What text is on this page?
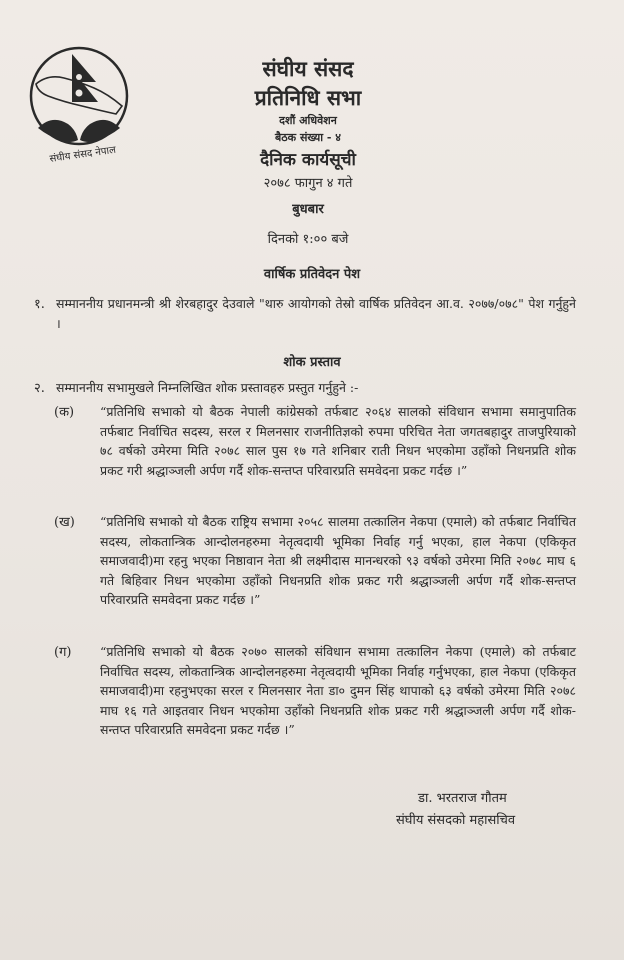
संघीय संसद नेपाल
संघीय संसद
प्रतिनिधि सभा
दशौं अधिवेशन
बैठक संख्या - ४
दैनिक कार्यसूची
२०७८ फागुन ४ गते
बुधबार
दिनको १:०० बजे
वार्षिक प्रतिवेदन पेश
१. सम्माननीय प्रधानमन्त्री श्री शेरबहादुर देउवाले "थारु आयोगको तेस्रो वार्षिक प्रतिवेदन आ.व. २०७७/०७८" पेश गर्नुहुने ।
शोक प्रस्ताव
२. सम्माननीय सभामुखले निम्नलिखित शोक प्रस्तावहरु प्रस्तुत गर्नुहुने :-
(क) “प्रतिनिधि सभाको यो बैठक नेपाली कांग्रेसको तर्फबाट २०६४ सालको संविधान सभामा समानुपातिक तर्फबाट निर्वाचित सदस्य, सरल र मिलनसार राजनीतिज्ञको रुपमा परिचित नेता जगतबहादुर ताजपुरियाको ७८ वर्षको उमेरमा मिति २०७८ साल पुस १७ गते शनिबार राती निधन भएकोमा उहाँको निधनप्रति शोक प्रकट गरी श्रद्धाञ्जली अर्पण गर्दै शोक-सन्तप्त परिवारप्रति समवेदना प्रकट गर्दछ ।”
(ख) “प्रतिनिधि सभाको यो बैठक राष्ट्रिय सभामा २०५८ सालमा तत्कालिन नेकपा (एमाले) को तर्फबाट निर्वाचित सदस्य, लोकतान्त्रिक आन्दोलनहरुमा नेतृत्वदायी भूमिका निर्वाह गर्नु भएका, हाल नेकपा (एकिकृत समाजवादी)मा रहनु भएका निष्ठावान नेता श्री लक्ष्मीदास मानन्धरको ९३ वर्षको उमेरमा मिति २०७८ माघ ६ गते बिहिवार निधन भएकोमा उहाँको निधनप्रति शोक प्रकट गरी श्रद्धाञ्जली अर्पण गर्दै शोक-सन्तप्त परिवारप्रति समवेदना प्रकट गर्दछ ।”
(ग) “प्रतिनिधि सभाको यो बैठक २०७० सालको संविधान सभामा तत्कालिन नेकपा (एमाले) को तर्फबाट निर्वाचित सदस्य, लोकतान्त्रिक आन्दोलनहरुमा नेतृत्वदायी भूमिका निर्वाह गर्नुभएका, हाल नेकपा (एकिकृत समाजवादी)मा रहनुभएका सरल र मिलनसार नेता डा० दुमन सिंह थापाको ६३ वर्षको उमेरमा मिति २०७८ माघ १६ गते आइतवार निधन भएकोमा उहाँको निधनप्रति शोक प्रकट गरी श्रद्धाञ्जली अर्पण गर्दै शोक-सन्तप्त परिवारप्रति समवेदना प्रकट गर्दछ ।”
डा. भरतराज गौतम
संघीय संसदको महासचिव
